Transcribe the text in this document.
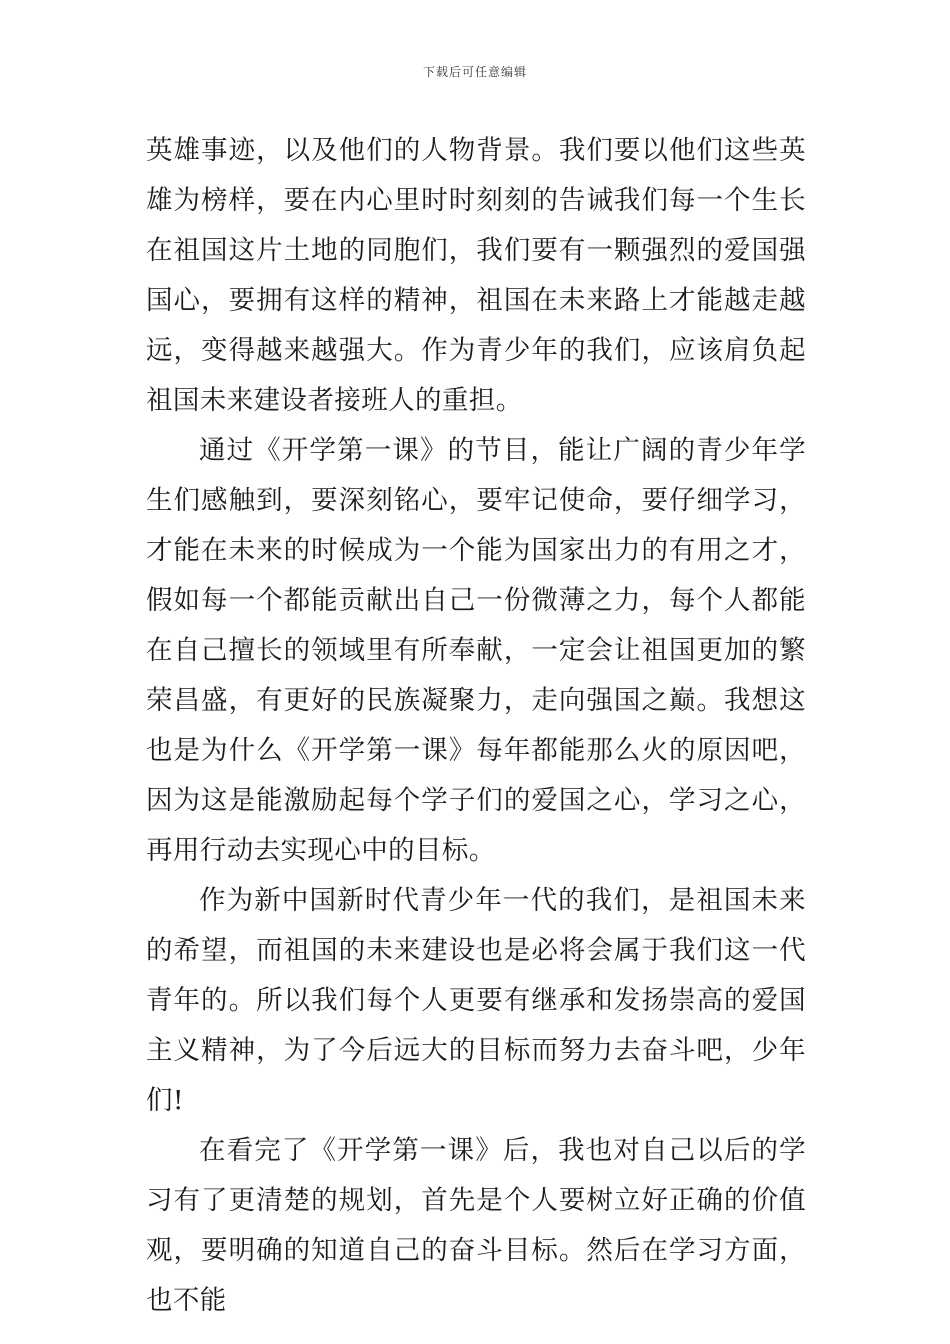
下载后可任意编辑

英雄事迹，以及他们的人物背景。我们要以他们这些英雄为榜样，要在内心里时时刻刻的告诫我们每一个生长在祖国这片土地的同胞们，我们要有一颗强烈的爱国强国心，要拥有这样的精神，祖国在未来路上才能越走越远，变得越来越强大。作为青少年的我们，应该肩负起祖国未来建设者接班人的重担。

通过《开学第一课》的节目，能让广阔的青少年学生们感触到，要深刻铭心，要牢记使命，要仔细学习，才能在未来的时候成为一个能为国家出力的有用之才，假如每一个都能贡献出自己一份微薄之力，每个人都能在自己擅长的领域里有所奉献，一定会让祖国更加的繁荣昌盛，有更好的民族凝聚力，走向强国之巅。我想这也是为什么《开学第一课》每年都能那么火的原因吧，因为这是能激励起每个学子们的爱国之心，学习之心，再用行动去实现心中的目标。

作为新中国新时代青少年一代的我们，是祖国未来的希望，而祖国的未来建设也是必将会属于我们这一代青年的。所以我们每个人更要有继承和发扬崇高的爱国主义精神，为了今后远大的目标而努力去奋斗吧，少年们!

在看完了《开学第一课》后，我也对自己以后的学习有了更清楚的规划，首先是个人要树立好正确的价值观，要明确的知道自己的奋斗目标。然后在学习方面，也不能
